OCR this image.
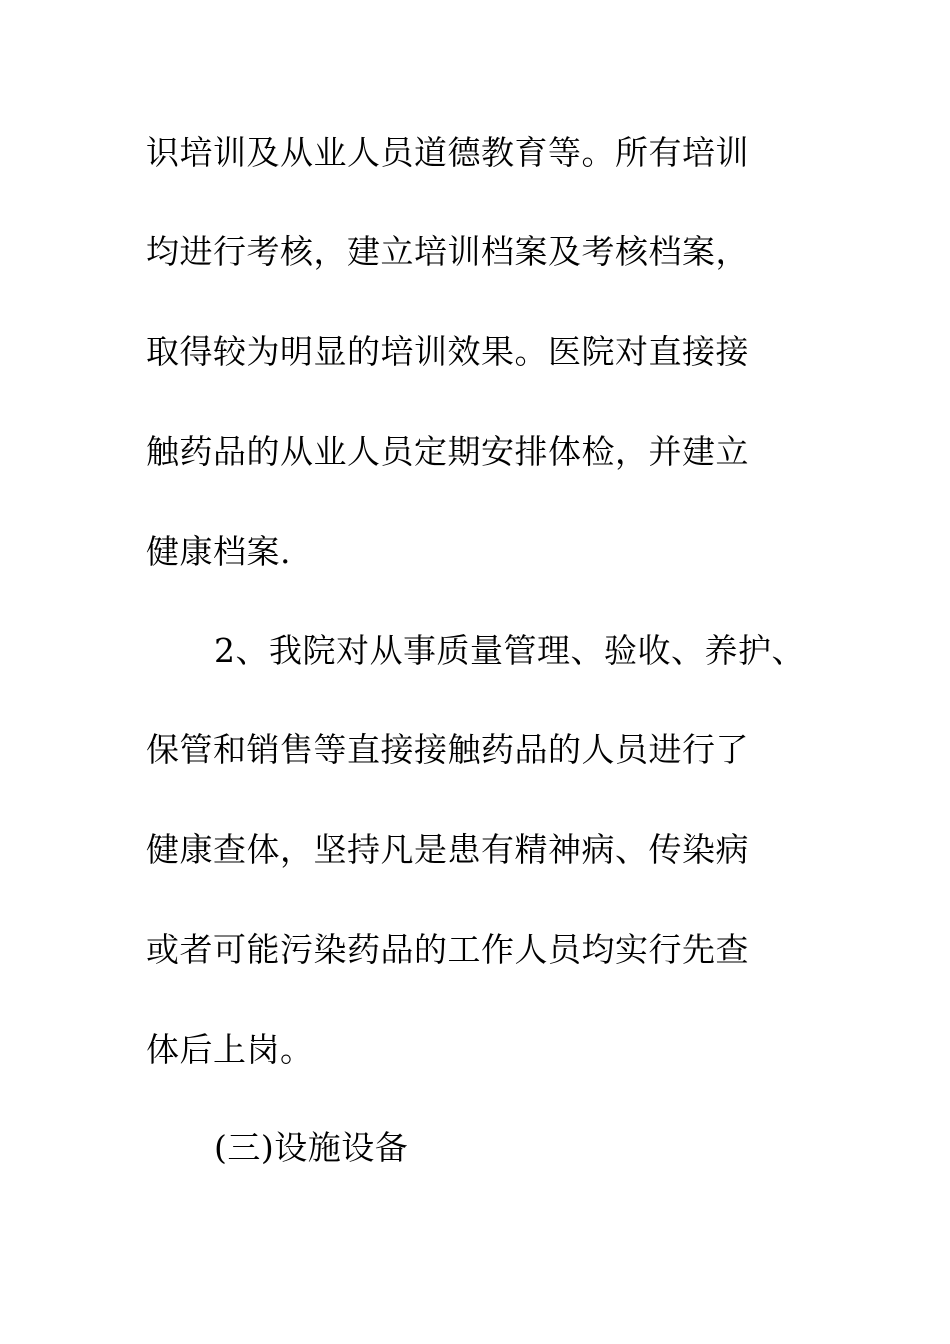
识培训及从业人员道德教育等。所有培训
均进行考核，建立培训档案及考核档案，
取得较为明显的培训效果。医院对直接接
触药品的从业人员定期安排体检，并建立
健康档案.
2、我院对从事质量管理、验收、养护、
保管和销售等直接接触药品的人员进行了
健康查体，坚持凡是患有精神病、传染病
或者可能污染药品的工作人员均实行先查
体后上岗。
(三)设施设备
